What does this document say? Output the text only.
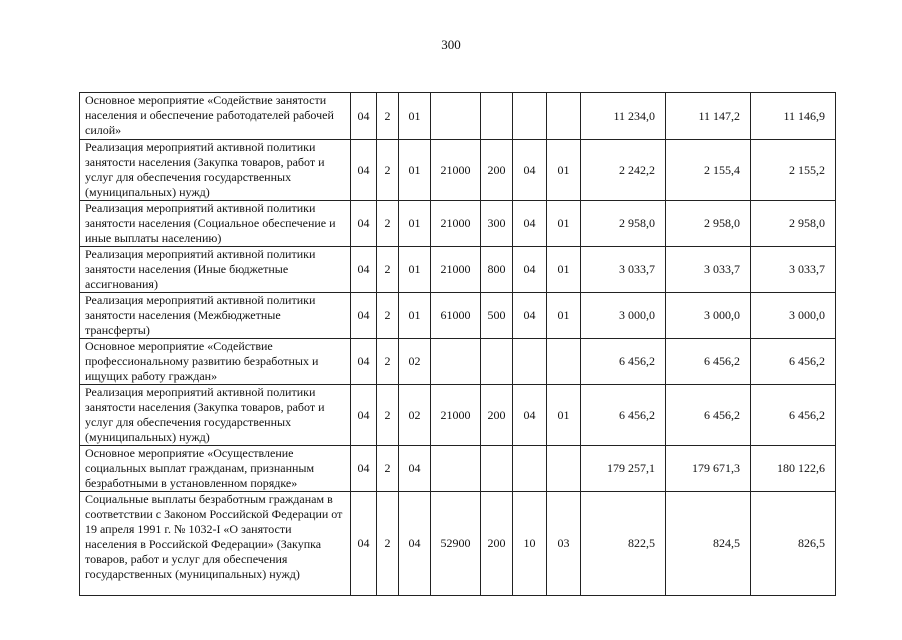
300
Основное мероприятие «Содействие занятости населения и обеспечение работодателей рабочей силой»	04	2	01					11 234,0	11 147,2	11 146,9
Реализация мероприятий активной политики занятости населения (Закупка товаров, работ и услуг для обеспечения государственных (муниципальных) нужд)	04	2	01	21000	200	04	01	2 242,2	2 155,4	2 155,2
Реализация мероприятий активной политики занятости населения (Социальное обеспечение и иные выплаты населению)	04	2	01	21000	300	04	01	2 958,0	2 958,0	2 958,0
Реализация мероприятий активной политики занятости населения (Иные бюджетные ассигнования)	04	2	01	21000	800	04	01	3 033,7	3 033,7	3 033,7
Реализация мероприятий активной политики занятости населения (Межбюджетные трансферты)	04	2	01	61000	500	04	01	3 000,0	3 000,0	3 000,0
Основное мероприятие «Содействие профессиональному развитию безработных и ищущих работу граждан»	04	2	02					6 456,2	6 456,2	6 456,2
Реализация мероприятий активной политики занятости населения (Закупка товаров, работ и услуг для обеспечения государственных (муниципальных) нужд)	04	2	02	21000	200	04	01	6 456,2	6 456,2	6 456,2
Основное мероприятие «Осуществление социальных выплат гражданам, признанным безработными в установленном порядке»	04	2	04					179 257,1	179 671,3	180 122,6
Социальные выплаты безработным гражданам в соответствии с Законом Российской Федерации от 19 апреля 1991 г. № 1032-I «О занятости населения в Российской Федерации» (Закупка товаров, работ и услуг для обеспечения государственных (муниципальных) нужд)	04	2	04	52900	200	10	03	822,5	824,5	826,5
